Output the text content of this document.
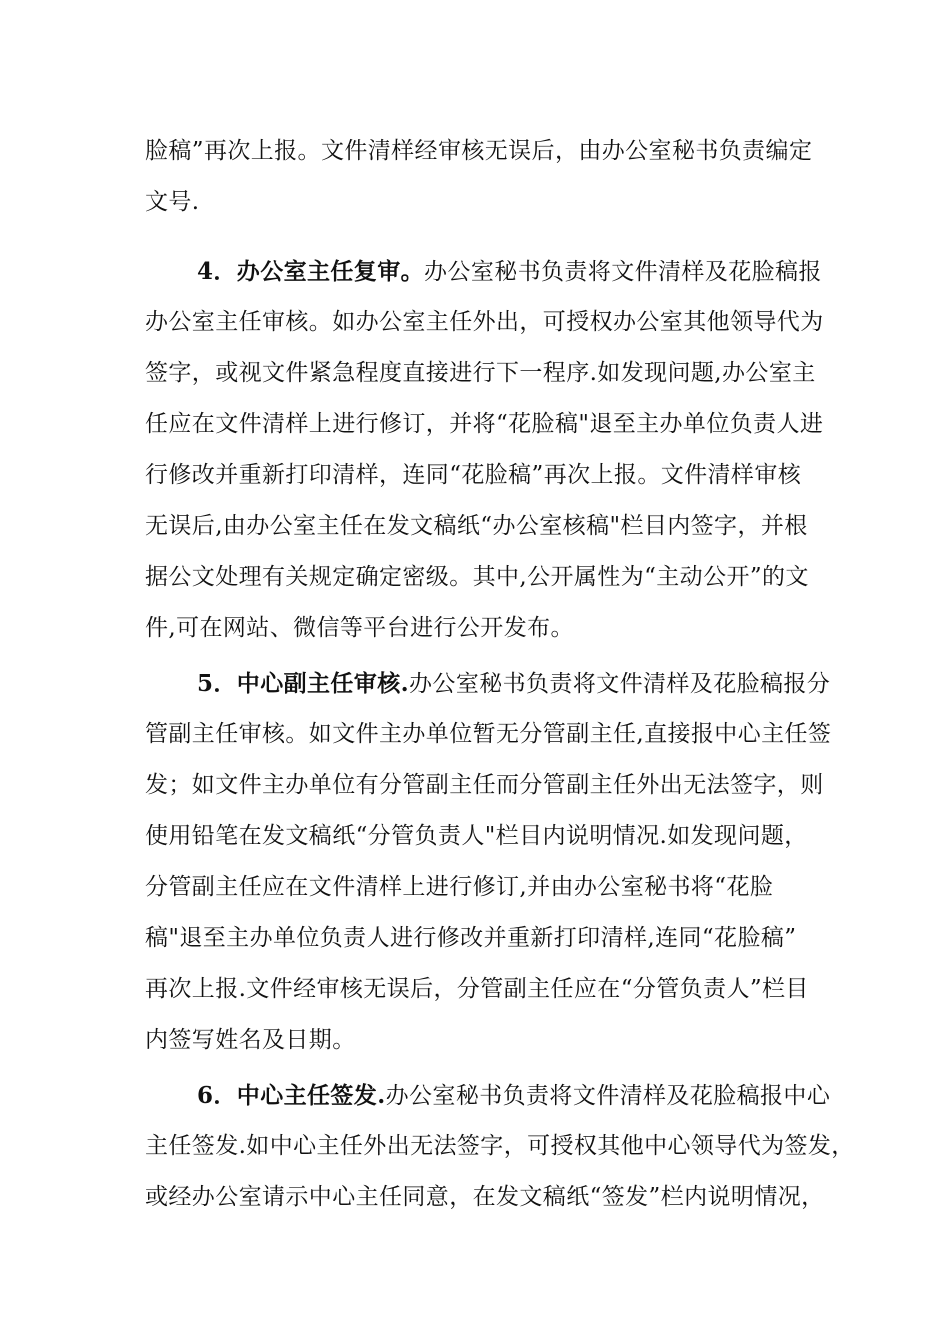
脸稿”再次上报。文件清样经审核无误后，由办公室秘书负责编定
文号.
4．办公室主任复审。办公室秘书负责将文件清样及花脸稿报
办公室主任审核。如办公室主任外出，可授权办公室其他领导代为
签字，或视文件紧急程度直接进行下一程序.如发现问题,办公室主
任应在文件清样上进行修订，并将“花脸稿"退至主办单位负责人进
行修改并重新打印清样，连同“花脸稿”再次上报。文件清样审核
无误后,由办公室主任在发文稿纸“办公室核稿"栏目内签字，并根
据公文处理有关规定确定密级。其中,公开属性为“主动公开”的文
件,可在网站、微信等平台进行公开发布。
5．中心副主任审核.办公室秘书负责将文件清样及花脸稿报分
管副主任审核。如文件主办单位暂无分管副主任,直接报中心主任签
发；如文件主办单位有分管副主任而分管副主任外出无法签字，则
使用铅笔在发文稿纸“分管负责人"栏目内说明情况.如发现问题，
分管副主任应在文件清样上进行修订,并由办公室秘书将“花脸
稿"退至主办单位负责人进行修改并重新打印清样,连同“花脸稿”
再次上报.文件经审核无误后，分管副主任应在“分管负责人”栏目
内签写姓名及日期。
6．中心主任签发.办公室秘书负责将文件清样及花脸稿报中心
主任签发.如中心主任外出无法签字，可授权其他中心领导代为签发，
或经办公室请示中心主任同意，在发文稿纸“签发”栏内说明情况，
